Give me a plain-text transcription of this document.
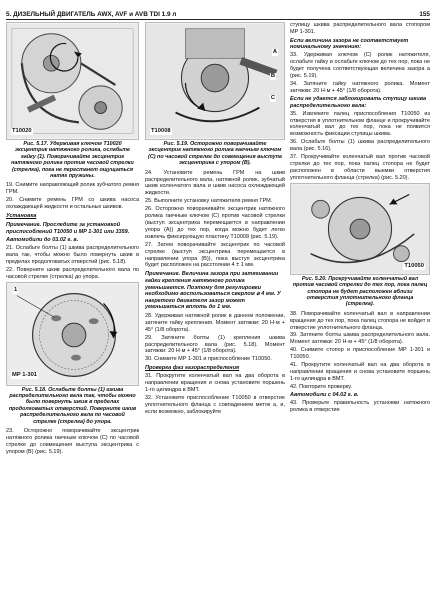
5. ДИЗЕЛЬНЫЙ ДВИГАТЕЛЬ AWX, AVF и AVB TDI 1.9 л	155
T10020
Рис. 5.17. Удерживая ключом T10020 эксцентрик натяжного ролика, ослабьте гайку (1). Поворачивайте эксцентрик натяжного ролика против часовой стрелки (стрелка), пока не перестанет ощущаться натяг пружины.

19. Снимите направляющий ролик зубчатого ремня ГРМ.

20. Снимите ремень ГРМ со шкива насоса охлаждающей жидкости и остальных шкивов.

Установка
Примечание. Проследите за установкой приспособлений T10050 и MP 1-301 или 3359.
Автомобили до 03.02 г. в.

21. Ослабьте болты (1) шкива распределительного вала так, чтобы можно было повернуть шкив в пределах продолговатых отверстий (рис. 5.18).

22. Поверните шкив распределительного вала по часовой стрелке (стрелка) до упора.

1
MP 1-301
Рис. 5.18. Ослабьте болты (1) шкива распределительного вала так, чтобы можно было повернуть шкив в пределах продолговатых отверстий. Поверните шкив распределительного вала по часовой стрелке (стрелка) до упора.

23. Осторожно поворачивайте эксцентрик натяжного ролика гаечным ключом (С) по часовой стрелке до совмещения выступа эксцентрика с упором (В) (рис. 5.19).

T10008
A
B
C
Рис. 5.19. Осторожно поворачивайте эксцентрик натяжного ролика гаечным ключом (С) по часовой стрелке до совмещения выступа эксцентрика с упором (В).

24. Установите ремень ГРМ на шкив распределительного вала, натяжной ролик, зубчатый шкив коленчатого вала и шкив насоса охлаждающей жидкости.

25. Выполните установку натяжителя ремня ГРМ.

26. Осторожно поворачивайте эксцентрик натяжного ролика гаечным ключом (С) против часовой стрелки (выступ эксцентрика перемещается в направлении упора (А)) до тех пор, когда можно будет легко извлечь фиксирующую пластину T10008 (рис. 5.19).

27. Затем поворачивайте эксцентрик по часовой стрелке (выступ эксцентрика перемещается в направлении упора (В)), пока выступ эксцентрика будет расположен на расстоянии 4 ± 1 мм.

Примечание. Величина зазора при затягивании гайки крепления натяжного ролика уменьшается. Поэтому для регулировки необходимо воспользоваться сверлом ⌀ 4 мм. У нагретого двигателя зазор может уменьшаться вплоть до 1 мм.

28. Удерживая натяжной ролик в данном положении, затяните гайку крепления. Момент затяжки: 20 Н·м + 45° (1/8 оборота).

29. Затяните болты (1) крепления шкива распределительного вала (рис. 5.18). Момент затяжки: 20 Н·м + 45° (1/8 оборота).

30. Снимите MP 1-301 и приспособление T10050.

Проверка фаз газораспределения

31. Прокрутите коленчатый вал на два оборота в направлении вращения и снова установите поршень 1-го цилиндра в ВМТ.

32. Установите приспособление T10050 в отверстие уплотнительного фланца с совпадением меток а, и, если возможно, заблокируйте

ступицу шкива распределительного вала стопором MP 1-301.

Если величина зазора не соответствует номинальному значению:

33. Удерживая ключом (С) ролик натяжителя, ослабьте гайку и ослабьте ключом до тех пор, пока не будет получена соответствующая величина зазора а (рис. 5.19).

34. Затяните гайку натяжного ролика. Момент затяжки: 20 Н·м + 45° (1/8 оборота).

Если не удается заблокировать ступицу шкива распределительного вала:

35. Извлеките палец приспособления T10050 из отверстия в уплотнительном фланце и прокручивайте коленчатый вал до тех пор, пока не появится возможность фиксации ступицы шкива.

36. Ослабьте болты (1) шкива распределительного вала (рис. 5.16).

37. Прокручивайте коленчатый вал против часовой стрелки до тех пор, пока палец стопора не будет расположен в области выемки отверстия уплотнительного фланца (стрелка) (рис. 5.20).

T10050
Рис. 5.20. Прокручивайте коленчатый вал против часовой стрелки до тех пор, пока палец стопора не будет расположен вблизи отверстия уплотнительного фланца (стрелка).

38. Поворачивайте коленчатый вал в направлении вращения до тех пор, пока палец стопора не войдет в отверстие уплотнительного фланца.

39. Затяните болты шкива распределительного вала. Момент затяжки: 20 Н·м + 45° (1/8 оборота).

40. Снимите стопор и приспособление MP 1-301 и T10050.

41. Прокрутите коленчатый вал на два оборота в направлении вращения и снова установите поршень 1-го цилиндра в ВМТ.

42. Повторите проверку.

Автомобили с 04.02 г. в.

43. Проверьте правильность установки натяжного ролика в отверстие
